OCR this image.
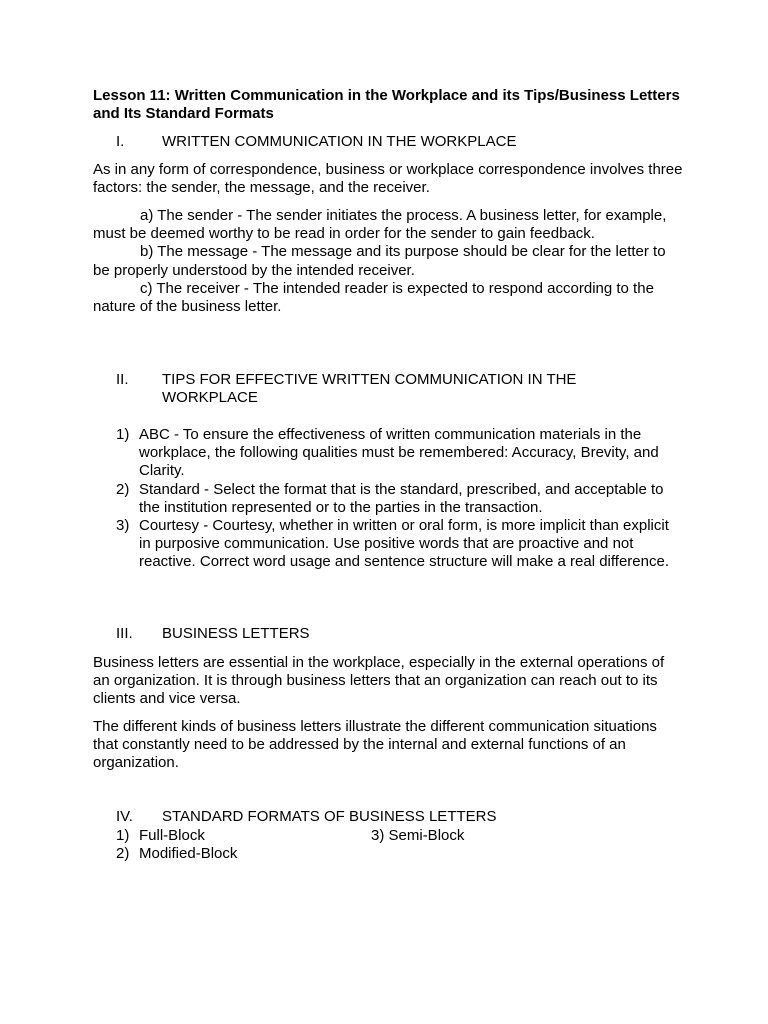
Lesson 11: Written Communication in the Workplace and its Tips/Business Letters and Its Standard Formats
I.	WRITTEN COMMUNICATION IN THE WORKPLACE

As in any form of correspondence, business or workplace correspondence involves three factors: the sender, the message, and the receiver.

a) The sender - The sender initiates the process. A business letter, for example, must be deemed worthy to be read in order for the sender to gain feedback.

b) The message - The message and its purpose should be clear for the letter to be properly understood by the intended receiver.

c) The receiver - The intended reader is expected to respond according to the nature of the business letter.

II. TIPS FOR EFFECTIVE WRITTEN COMMUNICATION IN THE WORKPLACE
1) ABC - To ensure the effectiveness of written communication materials in the workplace, the following qualities must be remembered: Accuracy, Brevity, and Clarity.
2) Standard - Select the format that is the standard, prescribed, and acceptable to the institution represented or to the parties in the transaction.
3) Courtesy - Courtesy, whether in written or oral form, is more implicit than explicit in purposive communication. Use positive words that are proactive and not reactive. Correct word usage and sentence structure will make a real difference.
III. BUSINESS LETTERS

Business letters are essential in the workplace, especially in the external operations of an organization. It is through business letters that an organization can reach out to its clients and vice versa.

The different kinds of business letters illustrate the different communication situations that constantly need to be addressed by the internal and external functions of an organization.

IV. STANDARD FORMATS OF BUSINESS LETTERS
1) Full-Block	3) Semi-Block
2) Modified-Block
